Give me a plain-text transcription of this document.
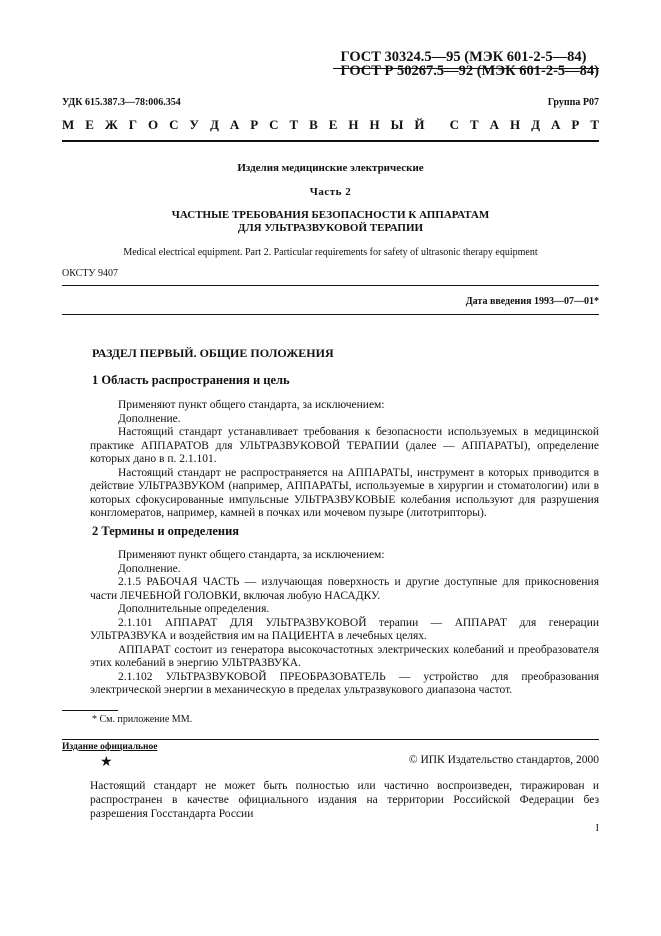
ГОСТ 30324.5—95 (МЭК 601-2-5—84)
ГОСТ Р 50267.5—92 (МЭК 601-2-5—84)
УДК 615.387.3—78:006.354	Группа Р07
М Е Ж Г О С У Д А Р С Т В Е Н Н Ы Й
С Т А Н Д А Р Т
Изделия медицинские электрические
Часть 2
ЧАСТНЫЕ ТРЕБОВАНИЯ БЕЗОПАСНОСТИ К АППАРАТАМ
ДЛЯ УЛЬТРАЗВУКОВОЙ ТЕРАПИИ
Medical electrical equipment. Part 2. Particular requirements for safety of ultrasonic therapy equipment
ОКСТУ 9407
Дата введения 1993—07—01*
РАЗДЕЛ ПЕРВЫЙ. ОБЩИЕ ПОЛОЖЕНИЯ
1 Область распространения и цель

Применяют пункт общего стандарта, за исключением:

Дополнение.

Настоящий стандарт устанавливает требования к безопасности используемых в медицинской практике АППАРАТОВ для УЛЬТРАЗВУКОВОЙ ТЕРАПИИ (далее — АППАРАТЫ), определение которых дано в п. 2.1.101.

Настоящий стандарт не распространяется на АППАРАТЫ, инструмент в которых приводится в действие УЛЬТРАЗВУКОМ (например, АППАРАТЫ, используемые в хирургии и стоматологии) или в которых сфокусированные импульсные УЛЬТРАЗВУКОВЫЕ колебания используют для разрушения конгломератов, например, камней в почках или мочевом пузыре (литотрипторы).

2 Термины и определения

Применяют пункт общего стандарта, за исключением:

Дополнение.

2.1.5 РАБОЧАЯ ЧАСТЬ — излучающая поверхность и другие доступные для прикосновения части ЛЕЧЕБНОЙ ГОЛОВКИ, включая любую НАСАДКУ.

Дополнительные определения.

2.1.101 АППАРАТ ДЛЯ УЛЬТРАЗВУКОВОЙ терапии — АППАРАТ для генерации УЛЬТРАЗВУКА и воздействия им на ПАЦИЕНТА в лечебных целях.

АППАРАТ состоит из генератора высокочастотных электрических колебаний и преобразователя этих колебаний в энергию УЛЬТРАЗВУКА.

2.1.102 УЛЬТРАЗВУКОВОЙ ПРЕОБРАЗОВАТЕЛЬ — устройство для преобразования электрической энергии в механическую в пределах ультразвукового диапазона частот.

* См. приложение ММ.
Издание официальное
★	© ИПК Издательство стандартов, 2000
Настоящий стандарт не может быть полностью или частично воспроизведен, тиражирован и распространен в качестве официального издания на территории Российской Федерации без разрешения Госстандарта России
I
